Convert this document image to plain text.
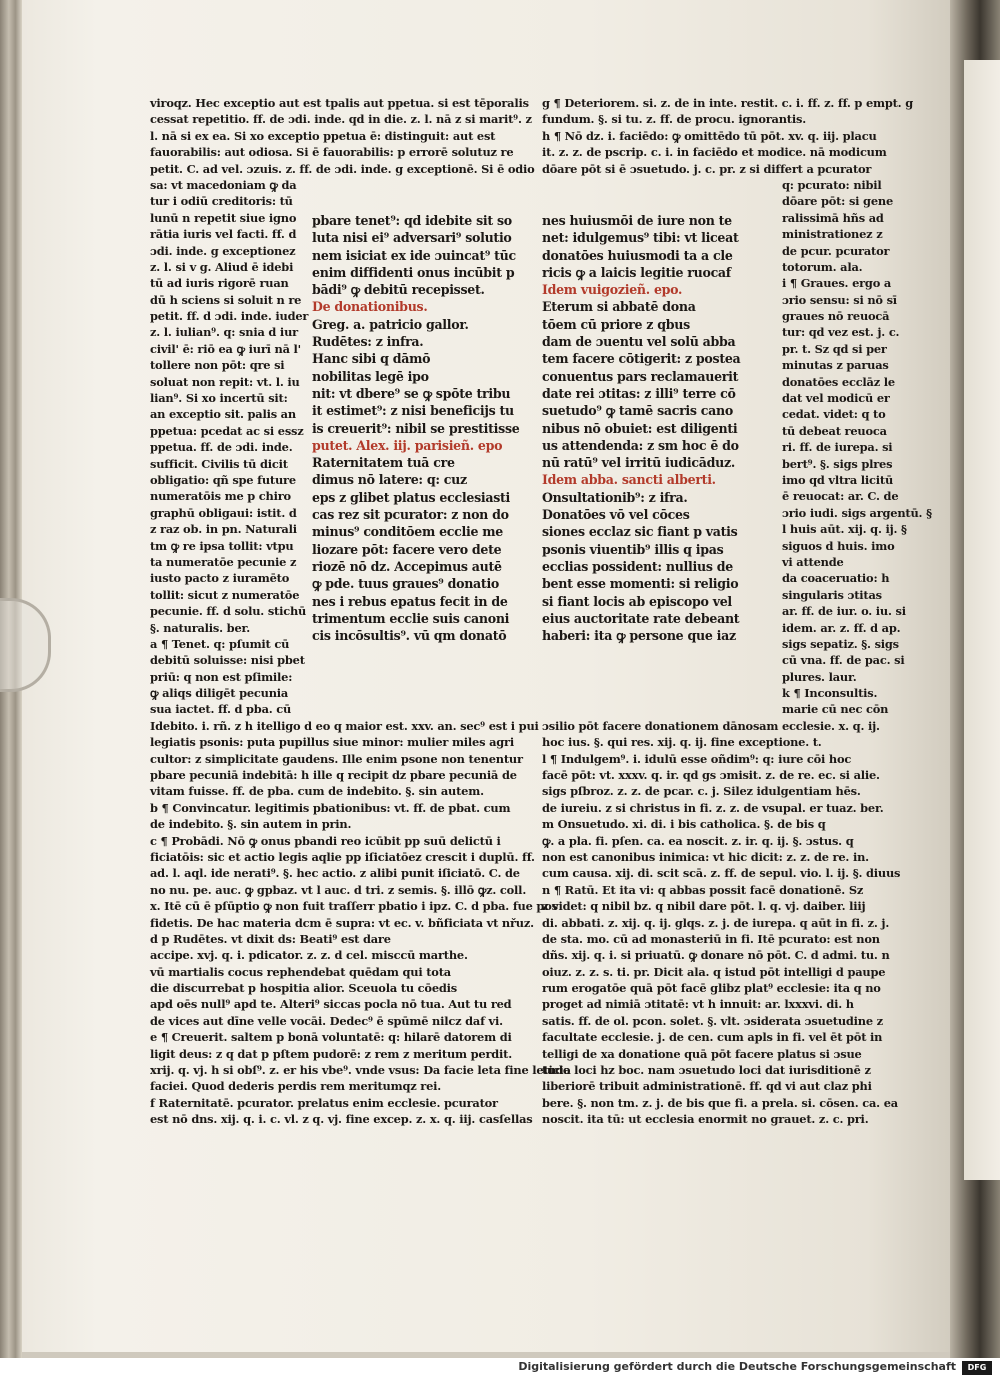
viroqz. Hec exceptio aut est tpalis aut ppetua. si est tēporalis
cessat repetitio. ff. de ɔdi. inde. qd in die. z. l. nā z si marit⁹. z
l. nā si ex ea. Si xo exceptio ppetua ē: distinguit: aut est
fauorabilis: aut odiosa. Si ē fauorabilis: p errorē solutuz re
petit. C. ad vel. ɔzuis. z. ff. de ɔdi. inde. g exceptionē. Si ē odio
sa: vt macedoniam ꝙ da
tur i odiū creditoris: tū
lunū n repetit siue igno
rātia iuris vel facti. ff. d
ɔdi. inde. g exceptionez
z. l. si v g. Aliud ē idebi
tū ad iuris rigorē ruan
dū h sciens si soluit n re
petit. ff. d ɔdi. inde. iuder
z. l. iulian⁹. q: snia d iur
civil' ē: riō ea ꝙ iurī nā l'
tollere non pōt: qre si
soluat non repit: vt. l. iu
lian⁹. Si xo incertū sit:
an exceptio sit. palis an
ppetua: pcedat ac si essz
ppetua. ff. de ɔdi. inde.
sufficit. Civilis tū dicit
obligatio: qñ spe future
numeratōis me p chiro
graphū obligaui: istit. d
z raz ob. in pn. Naturali
tm ꝙ re ipsa tollit: vtpu
ta numeratōe pecunie z
iusto pacto z iuramēto
tollit: sicut z numeratōe
pecunie. ff. d solu. stichū
§. naturalis. ber.
a ¶ Tenet. q: pſumit cū
debitū soluisse: nisi pbet
priū: q non est pſimile:
ꝙ aliqs diligēt pecunia
sua iactet. ff. d pba. cū
Idebito. i. rñ. z h itelligo d eo q maior est. xxv. an. sec⁹ est i pui
legiatis psonis: puta pupillus siue minor: mulier miles agri
cultor: z simplicitate gaudens. Ille enim psone non tenentur
pbare pecuniā indebitā: h ille q recipit dz pbare pecuniā de
vitam fuisse. ff. de pba. cum de indebito. §. sin autem.
b ¶ Convincatur. legitimis pbationibus: vt. ff. de pbat. cum
de indebito. §. sin autem in prin.
c ¶ Probādi. Nō ꝙ onus pbandi reo icūbit pp suū delictū i
ficiatōis: sic et actio legis aqlie pp iſiciatōez crescit i duplū. ff.
ad. l. aql. ide nerati⁹. §. hec actio. z alibi punit iſiciatō. C. de
no nu. pe. auc. ꝙ gpbaz. vt l auc. d tri. z semis. §. illō ꝙz. coll.
x. Itē cū ē pſūptio ꝙ non fuit traſſerr pbatio i ipz. C. d pba. fue pos
fidetis. De hac materia dcm ē supra: vt ec. v. bñficiata vt nřuz.
d p Rudētes. vt dixit ds: Beati⁹ est dare
accipe. xvj. q. i. pdicator. z. z. d cel. misccū marthe.
vū martialis cocus rephendebat quēdam qui tota
die discurrebat p hospitia alior. Sceuola tu cōedis
apd oēs null⁹ apd te. Alteri⁹ siccas pocla nō tua. Aut tu red
de vices aut dīne velle vocāi. Dedec⁹ ē spūmē nilcz daf vi.
e ¶ Creuerit. saltem p bonā voluntatē: q: hilarē datorem di
ligit deus: z q dat p pſtem pudorē: z rem z meritum perdit.
xrij. q. vj. h si obſ⁹. z. er his vbe⁹. vnde vsus: Da facie leta fine leticia
faciei. Quod dederis perdis rem meritumqz rei.
f Raternitatē. pcurator. prelatus enim ecclesie. pcurator
est nō dns. xij. q. i. c. vl. z q. vj. fine excep. z. x. q. iij. casſellas
g ¶ Deteriorem. si. z. de in inte. restit. c. i. ff. z. ff. p empt. g
fundum. §. si tu. z. ff. de procu. ignorantis.
h ¶ Nō dz. i. faciēdo: ꝙ omittēdo tū pōt. xv. q. iij. placu
it. z. z. de pscrip. c. i. in faciēdo et modice. nā modicum
dōare pōt si ē ɔsuetudo. j. c. pr. z si differt a pcurator
q: pcurato: nibil
dōare pōt: si gene
ralissimā hñs ad
ministrationez z
de pcur. pcurator
totorum. ala.
i ¶ Graues. ergo a
ɔrio sensu: si nō sī
graues nō reuocā
tur: qd vez est. j. c.
pr. t. Sz qd si per
minutas z paruas
donatōes ecclāz le
dat vel modicū er
cedat. videt: q to
tū debeat reuoca
ri. ff. de iurepa. si
bert⁹. §. sigs plres
imo qd vltra licitū
ē reuocat: ar. C. de
ɔrio iudi. sigs argentū. §
l huis aūt. xij. q. ij. §
siguos d huis. imo
vi attende
da coaceruatio: h
singularis ɔtitas
ar. ff. de iur. o. iu. si
idem. ar. z. ff. d ap.
sigs sepatiz. §. sigs
cū vna. ff. de pac. si
plures. laur.
k ¶ Inconsultis.
marie cū nec cōn
ɔsilio pōt facere donationem dānosam ecclesie. x. q. ij.
hoc ius. §. qui res. xij. q. ij. fine exceptione. t.
l ¶ Indulgem⁹. i. idulū esse oñdim⁹: q: iure cōi hoc
facē pōt: vt. xxxv. q. ir. qd gs ɔmisit. z. de re. ec. si alie.
sigs pſbroz. z. z. de pcar. c. j. Silez idulgentiam hēs.
de iureiu. z si christus in fi. z. z. de vsupal. er tuaz. ber.
m Onsuetudo. xi. di. i bis catholica. §. de bis q
ꝙ. a pla. fi. pſen. ca. ea noscit. z. ir. q. ij. §. ɔstus. q
non est canonibus inimica: vt hic dicit: z. z. de re. in.
cum causa. xij. di. scit scā. z. ff. de sepul. vio. l. ij. §. diuus
n ¶ Ratū. Et ita vi: q abbas possit facē donationē. Sz
z videt: q nibil bz. q nibil dare pōt. l. q. vj. daiber. liij
di. abbati. z. xij. q. ij. glqs. z. j. de iurepa. q aūt in fi. z. j.
de sta. mo. cū ad monasteriū in fi. Itē pcurato: est non
dñs. xij. q. i. si priuatū. ꝙ donare nō pōt. C. d admi. tu. n
oiuz. z. z. s. ti. pr. Dicit ala. q istud pōt intelligi d paupe
rum erogatōe quā pōt facē glibz plat⁹ ecclesie: ita q no
proget ad nimiā ɔtitatē: vt h innuit: ar. lxxxvi. di. h
satis. ff. de ol. pcon. solet. §. vlt. ɔsiderata ɔsuetudine z
facultate ecclesie. j. de cen. cum apls in fi. vel ēt pōt in
telligi de xa donatione quā pōt facere platus si ɔsue
tudo loci hz boc. nam ɔsuetudo loci dat iurisditionē z
liberiorē tribuit administrationē. ff. qd vi aut claz phi
bere. §. non tm. z. j. de bis que fi. a prela. si. cōsen. ca. ea
noscit. ita tū: ut ecclesia enormit no grauet. z. c. pri.
pbare tenet⁹: qd idebite sit so
luta nisi ei⁹ adversari⁹ solutio
nem isiciat ex ide ɔuincat⁹ tūc
enim diffidenti onus incūbit p
bādi⁹ ꝙ debitū recepisset.
De donationibus.
Greg. a. patricio gallor.
Rudētes: z infra.
Hanc sibi q dāmō
nobilitas legē ipo
nit: vt dbere⁹ se ꝙ spōte tribu
it estimet⁹: z nisi beneficijs tu
is creuerit⁹: nibil se prestitisse
putet. Alex. iij. parisieñ. epo
Raternitatem tuā cre
dimus nō latere: q: cuz
eps z glibet platus ecclesiasti
cas rez sit pcurator: z non do
minus⁹ conditōem ecclie me
liozare pōt: facere vero dete
riozē nō dz. Accepimus autē
ꝙ pde. tuus graues⁹ donatio
nes i rebus epatus fecit in de
trimentum ecclie suis canoni
cis incōsultis⁹. vū qm donatō
nes huiusmōi de iure non te
net: idulgemus⁹ tibi: vt liceat
donatōes huiusmodi ta a cle
ricis ꝙ a laicis legitie ruocaf
Idem vuigozieñ. epo.
Eterum si abbatē dona
tōem cū priore z qbus
dam de ɔuentu vel solū abba
tem facere cōtigerit: z postea
conuentus pars reclamauerit
date rei ɔtitas: z illi⁹ terre cō
suetudo⁹ ꝙ tamē sacris cano
nibus nō obuiet: est diligenti
us attendenda: z sm hoc ē do
nū ratū⁹ vel irritū iudicāduz.
Idem abba. sancti alberti.
Onsultationib⁹: z ifra.
Donatōes vō vel cōces
siones ecclaz sic fiant p vatis
psonis viuentib⁹ illis q ipas
ecclias possident: nullius de
bent esse momenti: si religio
si fiant locis ab episcopo vel
eius auctoritate rate debeant
haberi: ita ꝙ persone que iaz
Digitalisierung gefördert durch die Deutsche Forschungsgemeinschaft	DFG
